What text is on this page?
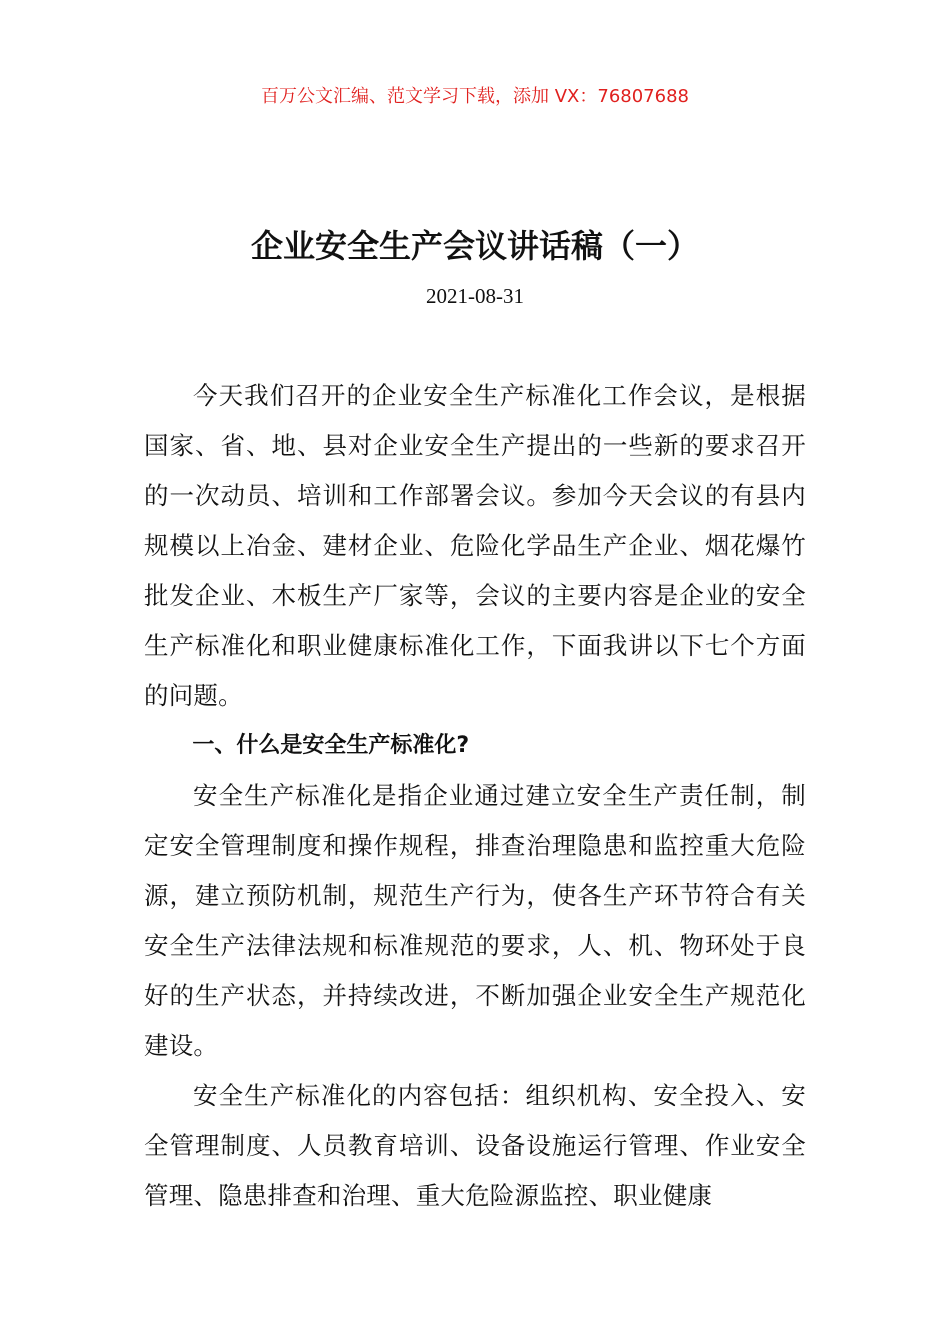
百万公文汇编、范文学习下载，添加 VX：76807688
企业安全生产会议讲话稿（一）
2021-08-31

今天我们召开的企业安全生产标准化工作会议，是根据国家、省、地、县对企业安全生产提出的一些新的要求召开的一次动员、培训和工作部署会议。参加今天会议的有县内规模以上冶金、建材企业、危险化学品生产企业、烟花爆竹批发企业、木板生产厂家等，会议的主要内容是企业的安全生产标准化和职业健康标准化工作，下面我讲以下七个方面的问题。

一、什么是安全生产标准化?

安全生产标准化是指企业通过建立安全生产责任制，制定安全管理制度和操作规程，排查治理隐患和监控重大危险源，建立预防机制，规范生产行为，使各生产环节符合有关安全生产法律法规和标准规范的要求，人、机、物环处于良好的生产状态，并持续改进，不断加强企业安全生产规范化建设。

安全生产标准化的内容包括：组织机构、安全投入、安全管理制度、人员教育培训、设备设施运行管理、作业安全管理、隐患排查和治理、重大危险源监控、职业健康
